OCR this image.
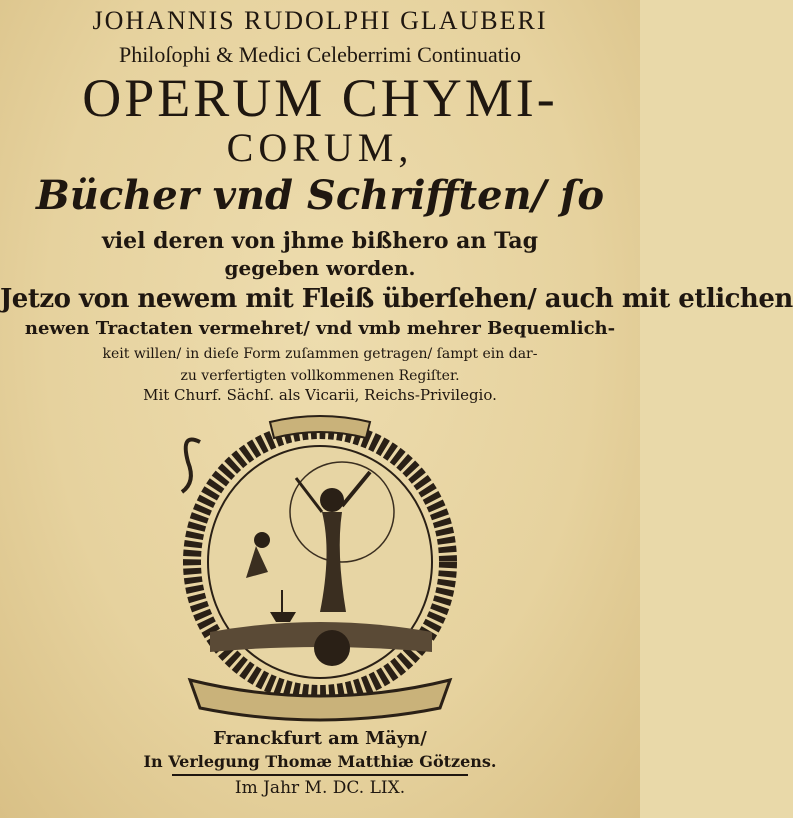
JOHANNIS RUDOLPHI GLAUBERI
Philoſophi & Medici Celeberrimi Continuatio
OPERUM CHYMI-
CORUM,
Bücher vnd Schrifften/ ſo
viel deren von jhme bißhero an Tag
gegeben worden.
Jetzo von newem mit Fleiß überſehen/ auch mit etlichen
newen Tractaten vermehret/ vnd vmb mehrer Bequemlich-
keit willen/ in dieſe Form zuſammen getragen/ ſampt ein dar-
zu verfertigten vollkommenen Regiſter.
Mit Churf. Sächſ. als Vicarii, Reichs-Privilegio.
Franckfurt am Mäyn/
In Verlegung Thomæ Matthiæ Götzens.
Im Jahr M. DC. LIX.
